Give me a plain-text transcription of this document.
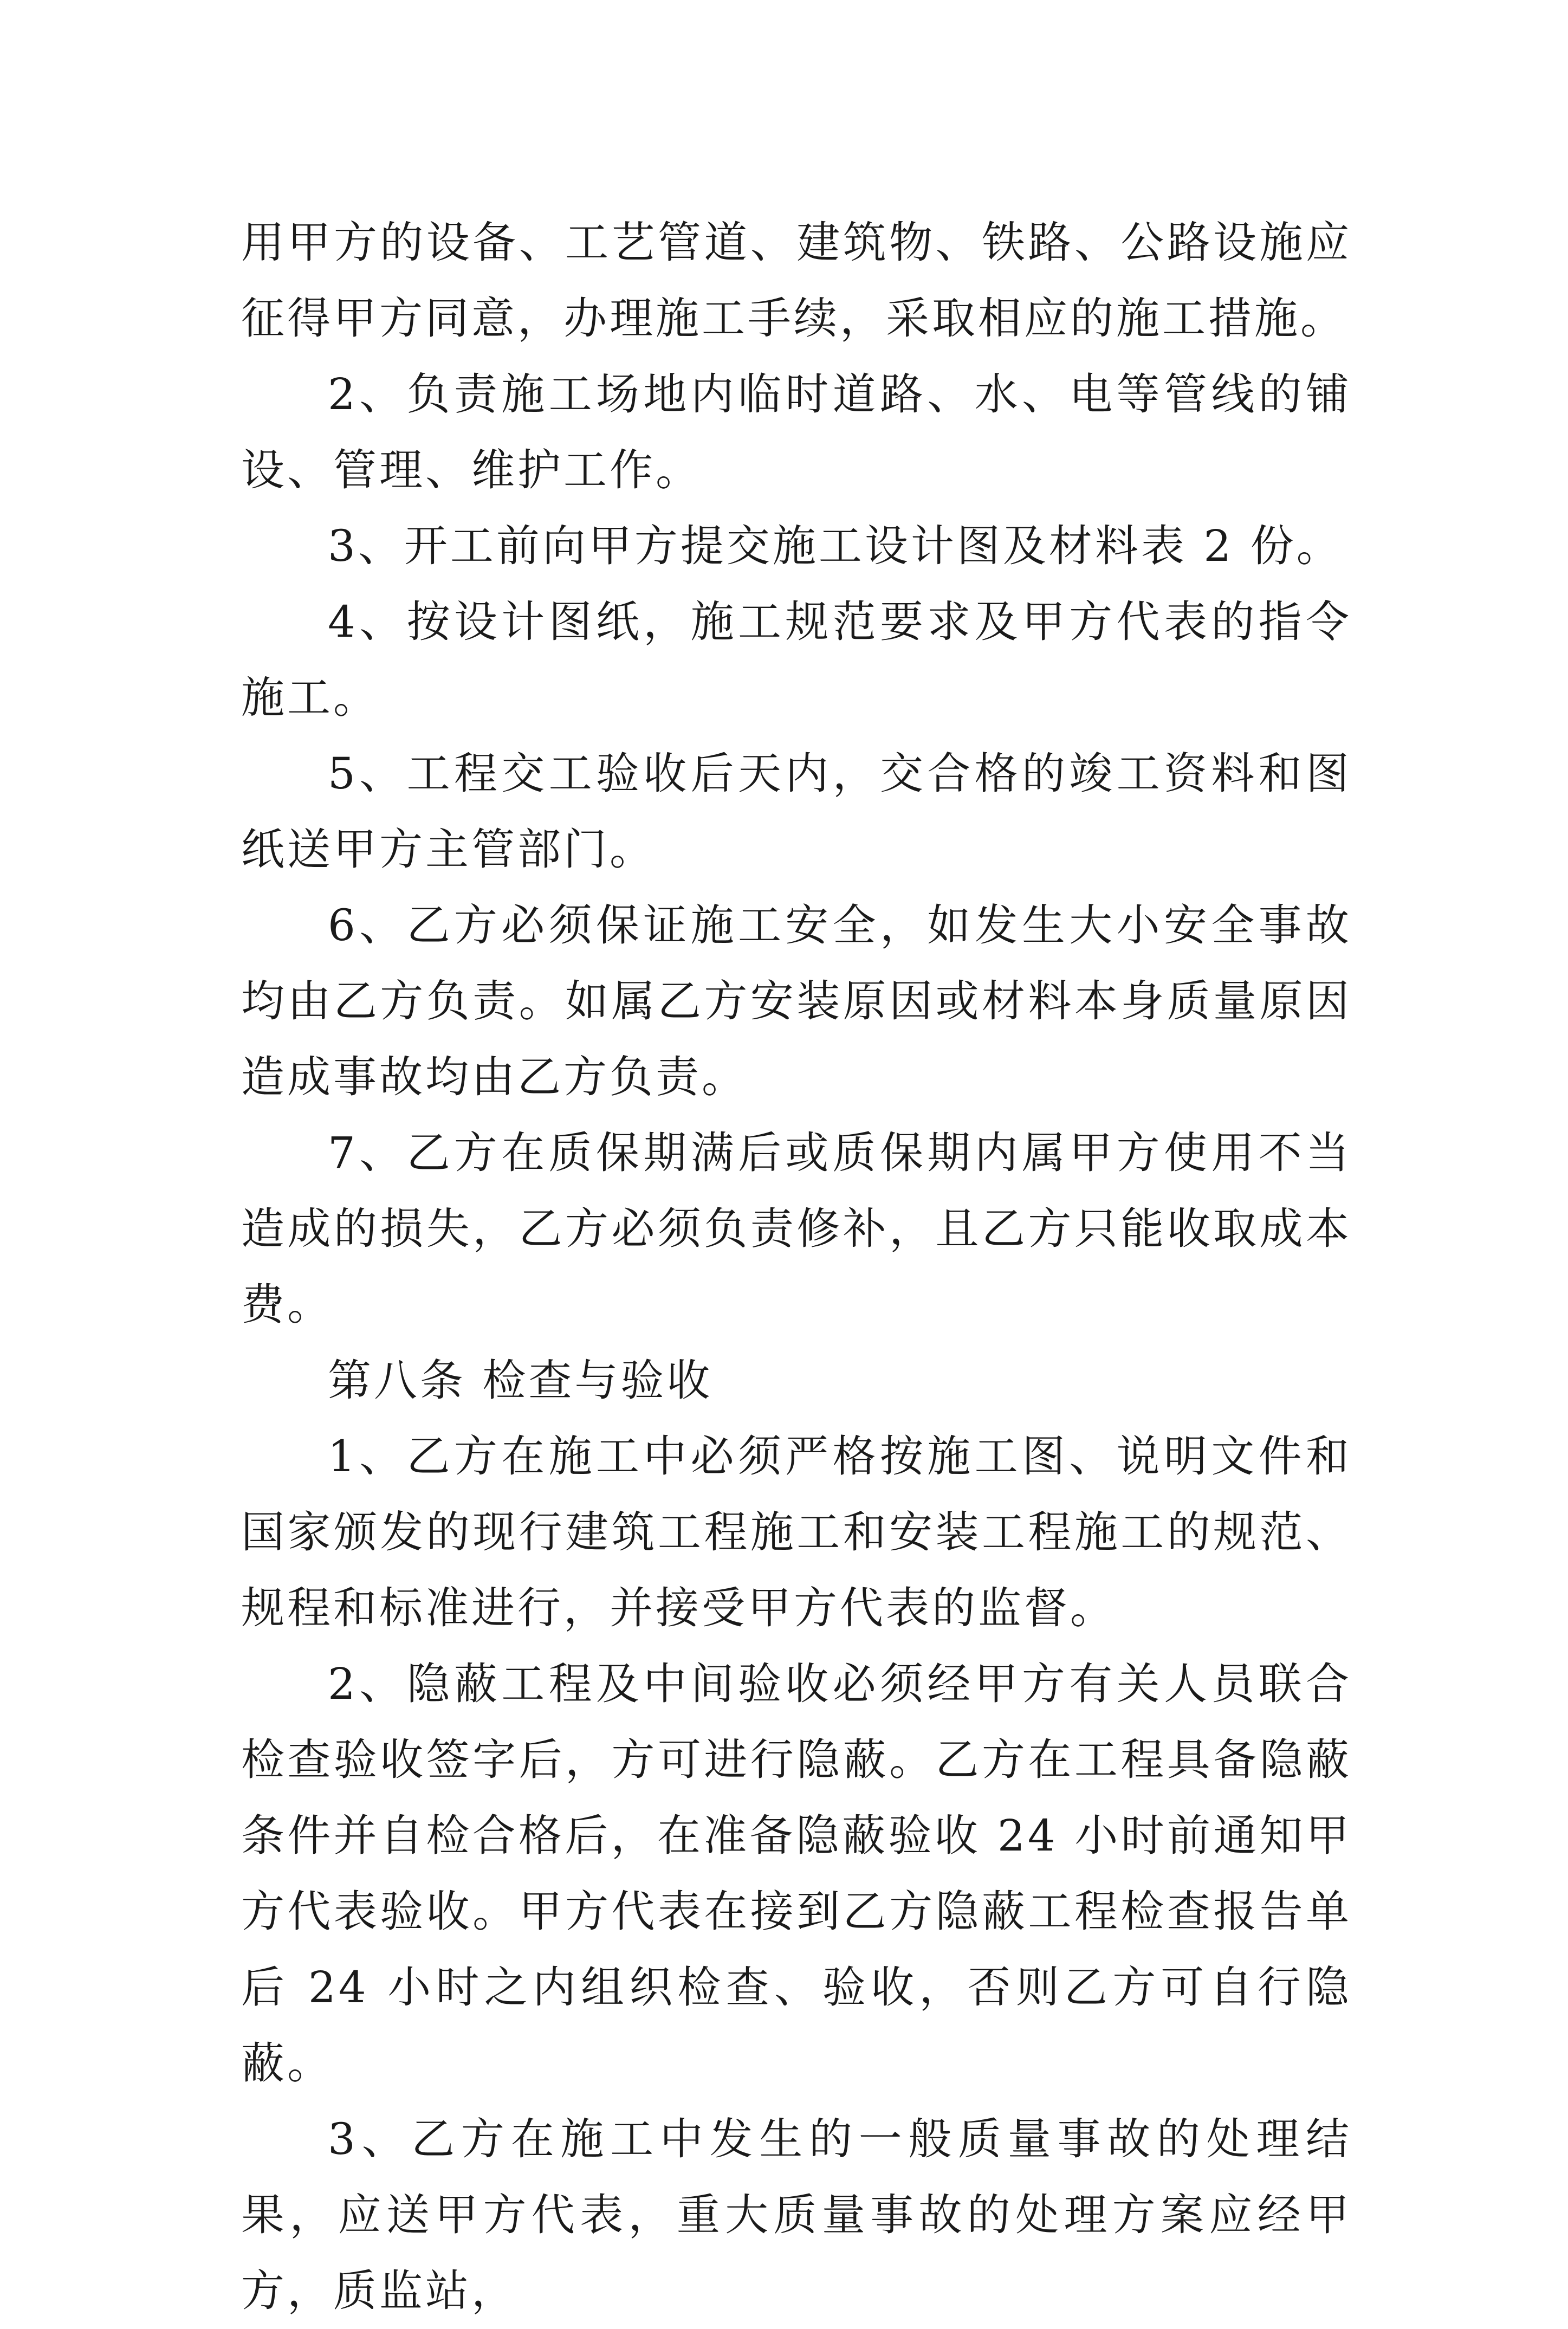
用甲方的设备、工艺管道、建筑物、铁路、公路设施应征得甲方同意，办理施工手续，采取相应的施工措施。

2、负责施工场地内临时道路、水、电等管线的铺设、管理、维护工作。

3、开工前向甲方提交施工设计图及材料表 2 份。

4、按设计图纸，施工规范要求及甲方代表的指令施工。

5、工程交工验收后天内，交合格的竣工资料和图纸送甲方主管部门。

6、乙方必须保证施工安全，如发生大小安全事故均由乙方负责。如属乙方安装原因或材料本身质量原因造成事故均由乙方负责。

7、乙方在质保期满后或质保期内属甲方使用不当造成的损失，乙方必须负责修补，且乙方只能收取成本费。

第八条 检查与验收

1、乙方在施工中必须严格按施工图、说明文件和国家颁发的现行建筑工程施工和安装工程施工的规范、规程和标准进行，并接受甲方代表的监督。

2、隐蔽工程及中间验收必须经甲方有关人员联合检查验收签字后，方可进行隐蔽。乙方在工程具备隐蔽条件并自检合格后，在准备隐蔽验收 24 小时前通知甲方代表验收。甲方代表在接到乙方隐蔽工程检查报告单后 24 小时之内组织检查、验收，否则乙方可自行隐蔽。

3、乙方在施工中发生的一般质量事故的处理结果，应送甲方代表，重大质量事故的处理方案应经甲方，质监站，
